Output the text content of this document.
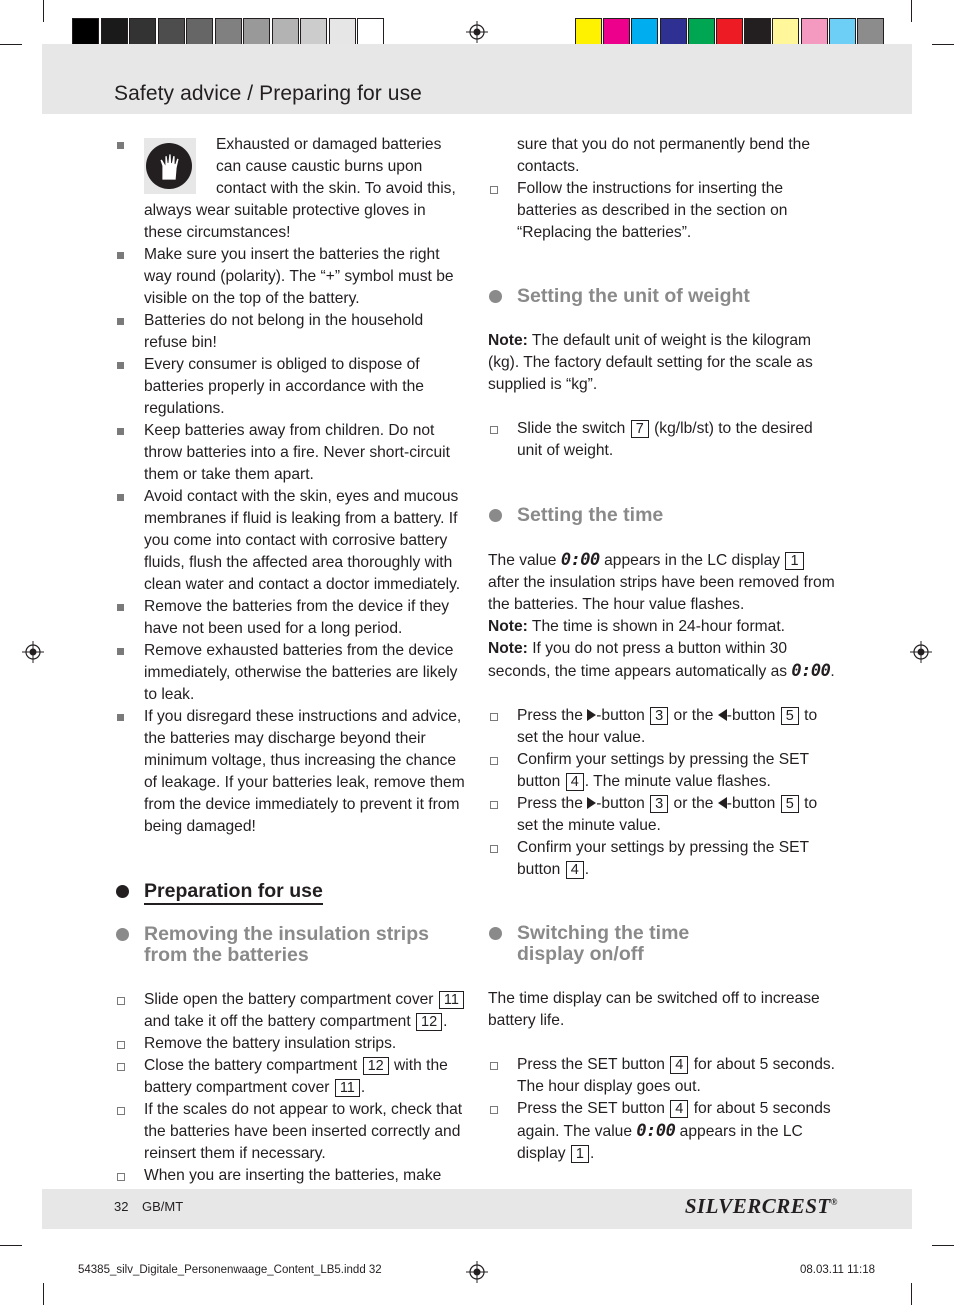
Safety advice / Preparing for use
Exhausted or damaged batteries can cause caustic burns upon contact with the skin. To avoid this, always wear suitable protective gloves in these circumstances!
Make sure you insert the batteries the right way round (polarity). The “+” symbol must be visible on the top of the battery.
Batteries do not belong in the household refuse bin!
Every consumer is obliged to dispose of batteries properly in accordance with the regulations.
Keep batteries away from children. Do not throw batteries into a fire. Never short-circuit them or take them apart.
Avoid contact with the skin, eyes and mucous membranes if fluid is leaking from a battery. If you come into contact with corrosive battery fluids, flush the affected area thoroughly with clean water and contact a doctor immediately.
Remove the batteries from the device if they have not been used for a long period.
Remove exhausted batteries from the device immediately, otherwise the batteries are likely to leak.
If you disregard these instructions and advice, the batteries may discharge beyond their minimum voltage, thus increasing the chance of leakage. If your batteries leak, remove them from the device immediately to prevent it from being damaged!
Preparation for use
Removing the insulation strips from the batteries
Slide open the battery compartment cover 11 and take it off the battery compartment 12 .
Remove the battery insulation strips.
Close the battery compartment 12 with the battery compartment cover 11 .
If the scales do not appear to work, check that the batteries have been inserted correctly and reinsert them if necessary.
When you are inserting the batteries, make
sure that you do not permanently bend the contacts.
Follow the instructions for inserting the batteries as described in the section on “Replacing the batteries”.
Setting the unit of weight

Note: The default unit of weight is the kilogram (kg). The factory default setting for the scale as supplied is “kg”.

Slide the switch 7 (kg/lb/st) to the desired unit of weight.
Setting the time

The value 0:00 appears in the LC display 1 after the insulation strips have been removed from the batteries. The hour value flashes.

Note: The time is shown in 24-hour format.

Note: If you do not press a button within 30 seconds, the time appears automatically as 0:00.

Press the -button 3 or the -button 5 to set the hour value.
Confirm your settings by pressing the SET button 4 . The minute value flashes.
Press the -button 3 or the -button 5 to set the minute value.
Confirm your settings by pressing the SET button 4 .
Switching the time display on/off

The time display can be switched off to increase battery life.

Press the SET button 4 for about 5 seconds. The hour display goes out.
Press the SET button 4 for about 5 seconds again. The value 0:00 appears in the LC display 1 .
32 GB/MT	SILVERCREST®
54385_silv_Digitale_Personenwaage_Content_LB5.indd 32	08.03.11 11:18
